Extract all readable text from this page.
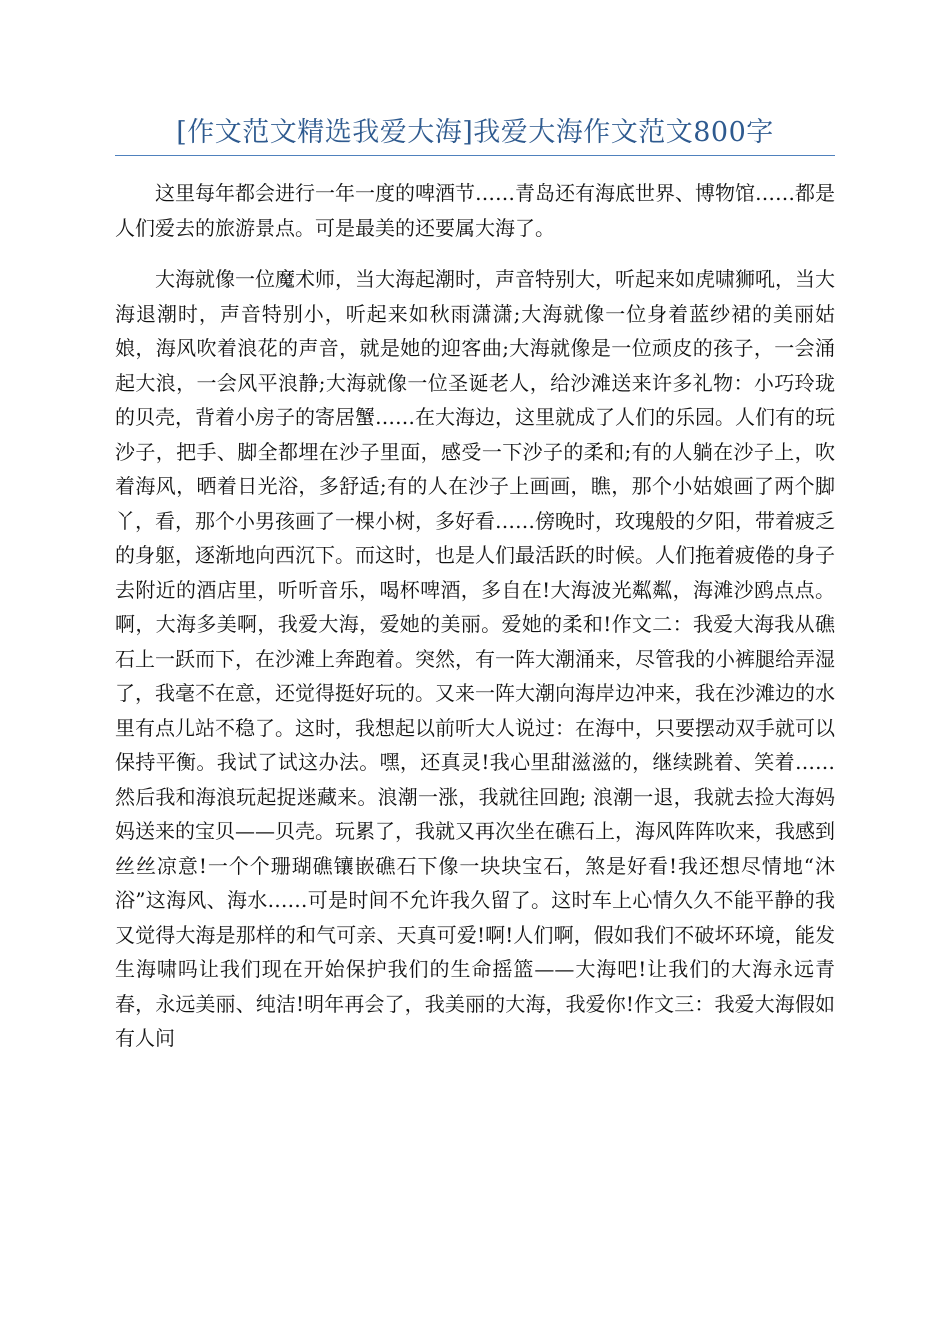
[作文范文精选我爱大海]我爱大海作文范文800字

这里每年都会进行一年一度的啤酒节……青岛还有海底世界、博物馆……都是人们爱去的旅游景点。可是最美的还要属大海了。

大海就像一位魔术师，当大海起潮时，声音特别大，听起来如虎啸狮吼，当大海退潮时，声音特别小，听起来如秋雨潇潇;大海就像一位身着蓝纱裙的美丽姑娘，海风吹着浪花的声音，就是她的迎客曲;大海就像是一位顽皮的孩子，一会涌起大浪，一会风平浪静;大海就像一位圣诞老人，给沙滩送来许多礼物：小巧玲珑的贝壳，背着小房子的寄居蟹……在大海边，这里就成了人们的乐园。人们有的玩沙子，把手、脚全都埋在沙子里面，感受一下沙子的柔和;有的人躺在沙子上，吹着海风，晒着日光浴，多舒适;有的人在沙子上画画，瞧，那个小姑娘画了两个脚丫，看，那个小男孩画了一棵小树，多好看……傍晚时，玫瑰般的夕阳，带着疲乏的身躯，逐渐地向西沉下。而这时，也是人们最活跃的时候。人们拖着疲倦的身子去附近的酒店里，听听音乐，喝杯啤酒，多自在!大海波光粼粼，海滩沙鸥点点。啊，大海多美啊，我爱大海，爱她的美丽。爱她的柔和!作文二：我爱大海我从礁石上一跃而下，在沙滩上奔跑着。突然，有一阵大潮涌来，尽管我的小裤腿给弄湿了，我毫不在意，还觉得挺好玩的。又来一阵大潮向海岸边冲来，我在沙滩边的水里有点儿站不稳了。这时，我想起以前听大人说过：在海中，只要摆动双手就可以保持平衡。我试了试这办法。嘿，还真灵!我心里甜滋滋的，继续跳着、笑着……然后我和海浪玩起捉迷藏来。浪潮一涨，我就往回跑; 浪潮一退，我就去捡大海妈妈送来的宝贝——贝壳。玩累了，我就又再次坐在礁石上，海风阵阵吹来，我感到丝丝凉意!一个个珊瑚礁镶嵌礁石下像一块块宝石，煞是好看!我还想尽情地“沐浴”这海风、海水……可是时间不允许我久留了。这时车上心情久久不能平静的我又觉得大海是那样的和气可亲、天真可爱!啊!人们啊，假如我们不破坏环境，能发生海啸吗让我们现在开始保护我们的生命摇篮——大海吧!让我们的大海永远青春，永远美丽、纯洁!明年再会了，我美丽的大海，我爱你!作文三：我爱大海假如有人问
